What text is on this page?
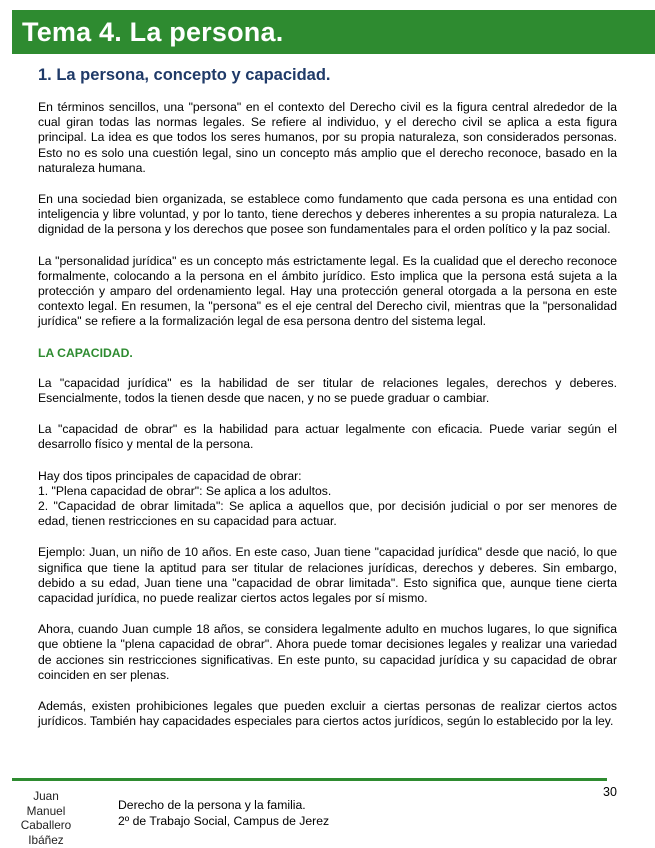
Tema 4. La persona.
1. La persona, concepto y capacidad.

En términos sencillos, una "persona" en el contexto del Derecho civil es la figura central alrededor de la cual giran todas las normas legales. Se refiere al individuo, y el derecho civil se aplica a esta figura principal. La idea es que todos los seres humanos, por su propia naturaleza, son considerados personas. Esto no es solo una cuestión legal, sino un concepto más amplio que el derecho reconoce, basado en la naturaleza humana.

En una sociedad bien organizada, se establece como fundamento que cada persona es una entidad con inteligencia y libre voluntad, y por lo tanto, tiene derechos y deberes inherentes a su propia naturaleza. La dignidad de la persona y los derechos que posee son fundamentales para el orden político y la paz social.

La "personalidad jurídica" es un concepto más estrictamente legal. Es la cualidad que el derecho reconoce formalmente, colocando a la persona en el ámbito jurídico. Esto implica que la persona está sujeta a la protección y amparo del ordenamiento legal. Hay una protección general otorgada a la persona en este contexto legal. En resumen, la "persona" es el eje central del Derecho civil, mientras que la "personalidad jurídica" se refiere a la formalización legal de esa persona dentro del sistema legal.

LA CAPACIDAD.

La "capacidad jurídica" es la habilidad de ser titular de relaciones legales, derechos y deberes. Esencialmente, todos la tienen desde que nacen, y no se puede graduar o cambiar.

La "capacidad de obrar" es la habilidad para actuar legalmente con eficacia. Puede variar según el desarrollo físico y mental de la persona.

Hay dos tipos principales de capacidad de obrar:
1. "Plena capacidad de obrar": Se aplica a los adultos.
2. "Capacidad de obrar limitada": Se aplica a aquellos que, por decisión judicial o por ser menores de edad, tienen restricciones en su capacidad para actuar.

Ejemplo: Juan, un niño de 10 años. En este caso, Juan tiene "capacidad jurídica" desde que nació, lo que significa que tiene la aptitud para ser titular de relaciones jurídicas, derechos y deberes. Sin embargo, debido a su edad, Juan tiene una "capacidad de obrar limitada". Esto significa que, aunque tiene cierta capacidad jurídica, no puede realizar ciertos actos legales por sí mismo.

Ahora, cuando Juan cumple 18 años, se considera legalmente adulto en muchos lugares, lo que significa que obtiene la "plena capacidad de obrar". Ahora puede tomar decisiones legales y realizar una variedad de acciones sin restricciones significativas. En este punto, su capacidad jurídica y su capacidad de obrar coinciden en ser plenas.

Además, existen prohibiciones legales que pueden excluir a ciertas personas de realizar ciertos actos jurídicos. También hay capacidades especiales para ciertos actos jurídicos, según lo establecido por la ley.

30
Juan Manuel
Caballero
Ibáñez
Derecho de la persona y la familia.
2º de Trabajo Social, Campus de Jerez
